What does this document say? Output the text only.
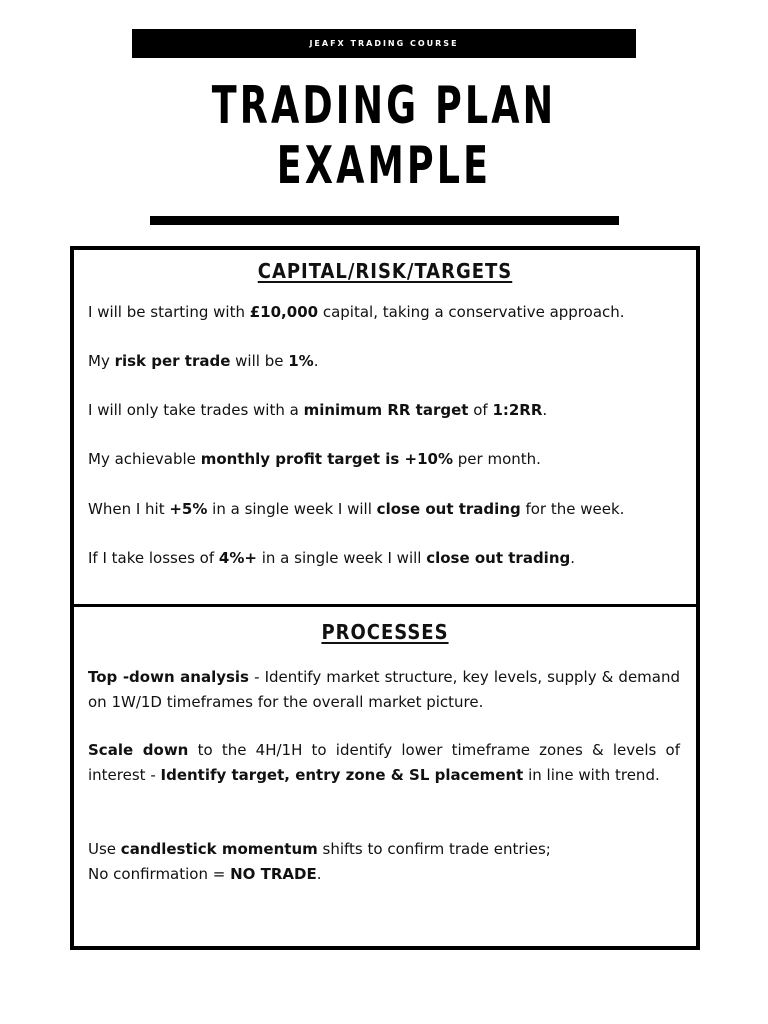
JEAFX TRADING COURSE
TRADING PLAN
EXAMPLE
CAPITAL/RISK/TARGETS
I will be starting with £10,000 capital, taking a conservative approach.
My risk per trade will be 1%.
I will only take trades with a minimum RR target of 1:2RR.
My achievable monthly profit target is +10% per month.
When I hit +5% in a single week I will close out trading for the week.
If I take losses of 4%+ in a single week I will close out trading.
PROCESSES
Top -down analysis - Identify market structure, key levels, supply & demand on 1W/1D timeframes for the overall market picture.
Scale down to the 4H/1H to identify lower timeframe zones & levels of interest - Identify target, entry zone & SL placement in line with trend.
Use candlestick momentum shifts to confirm trade entries;
No confirmation = NO TRADE.
